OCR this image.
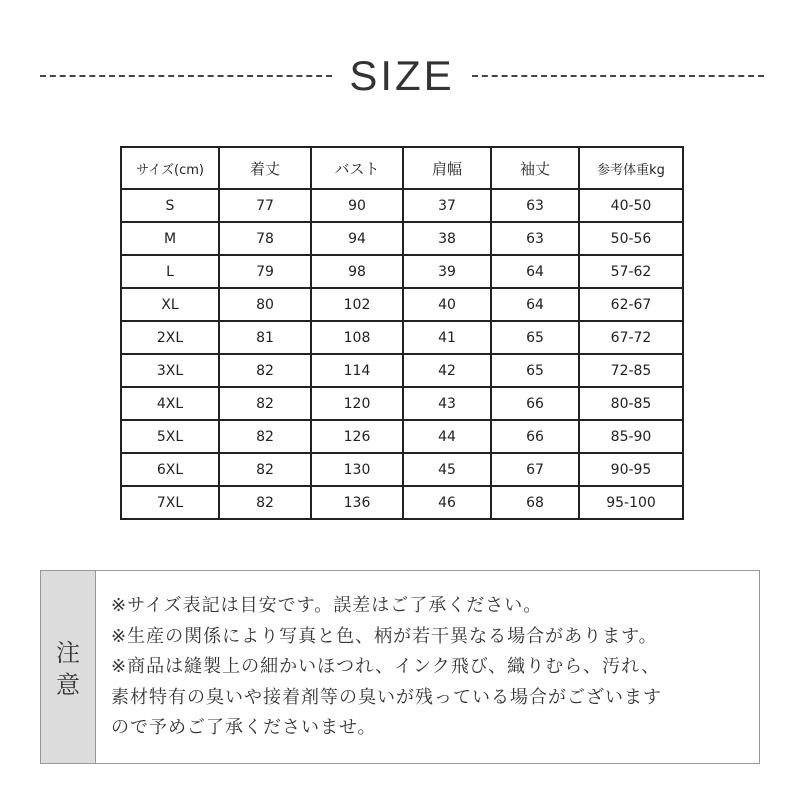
SIZE
サイズ(cm)	着丈	バスト	肩幅	袖丈	参考体重kg
S	77	90	37	63	40-50
M	78	94	38	63	50-56
L	79	98	39	64	57-62
XL	80	102	40	64	62-67
2XL	81	108	41	65	67-72
3XL	82	114	42	65	72-85
4XL	82	120	43	66	80-85
5XL	82	126	44	66	85-90
6XL	82	130	45	67	90-95
7XL	82	136	46	68	95-100
注
意
※サイズ表記は目安です。誤差はご了承ください。
※生産の関係により写真と色、柄が若干異なる場合があります。
※商品は縫製上の細かいほつれ、インク飛び、織りむら、汚れ、
素材特有の臭いや接着剤等の臭いが残っている場合がございます
ので予めご了承くださいませ。
